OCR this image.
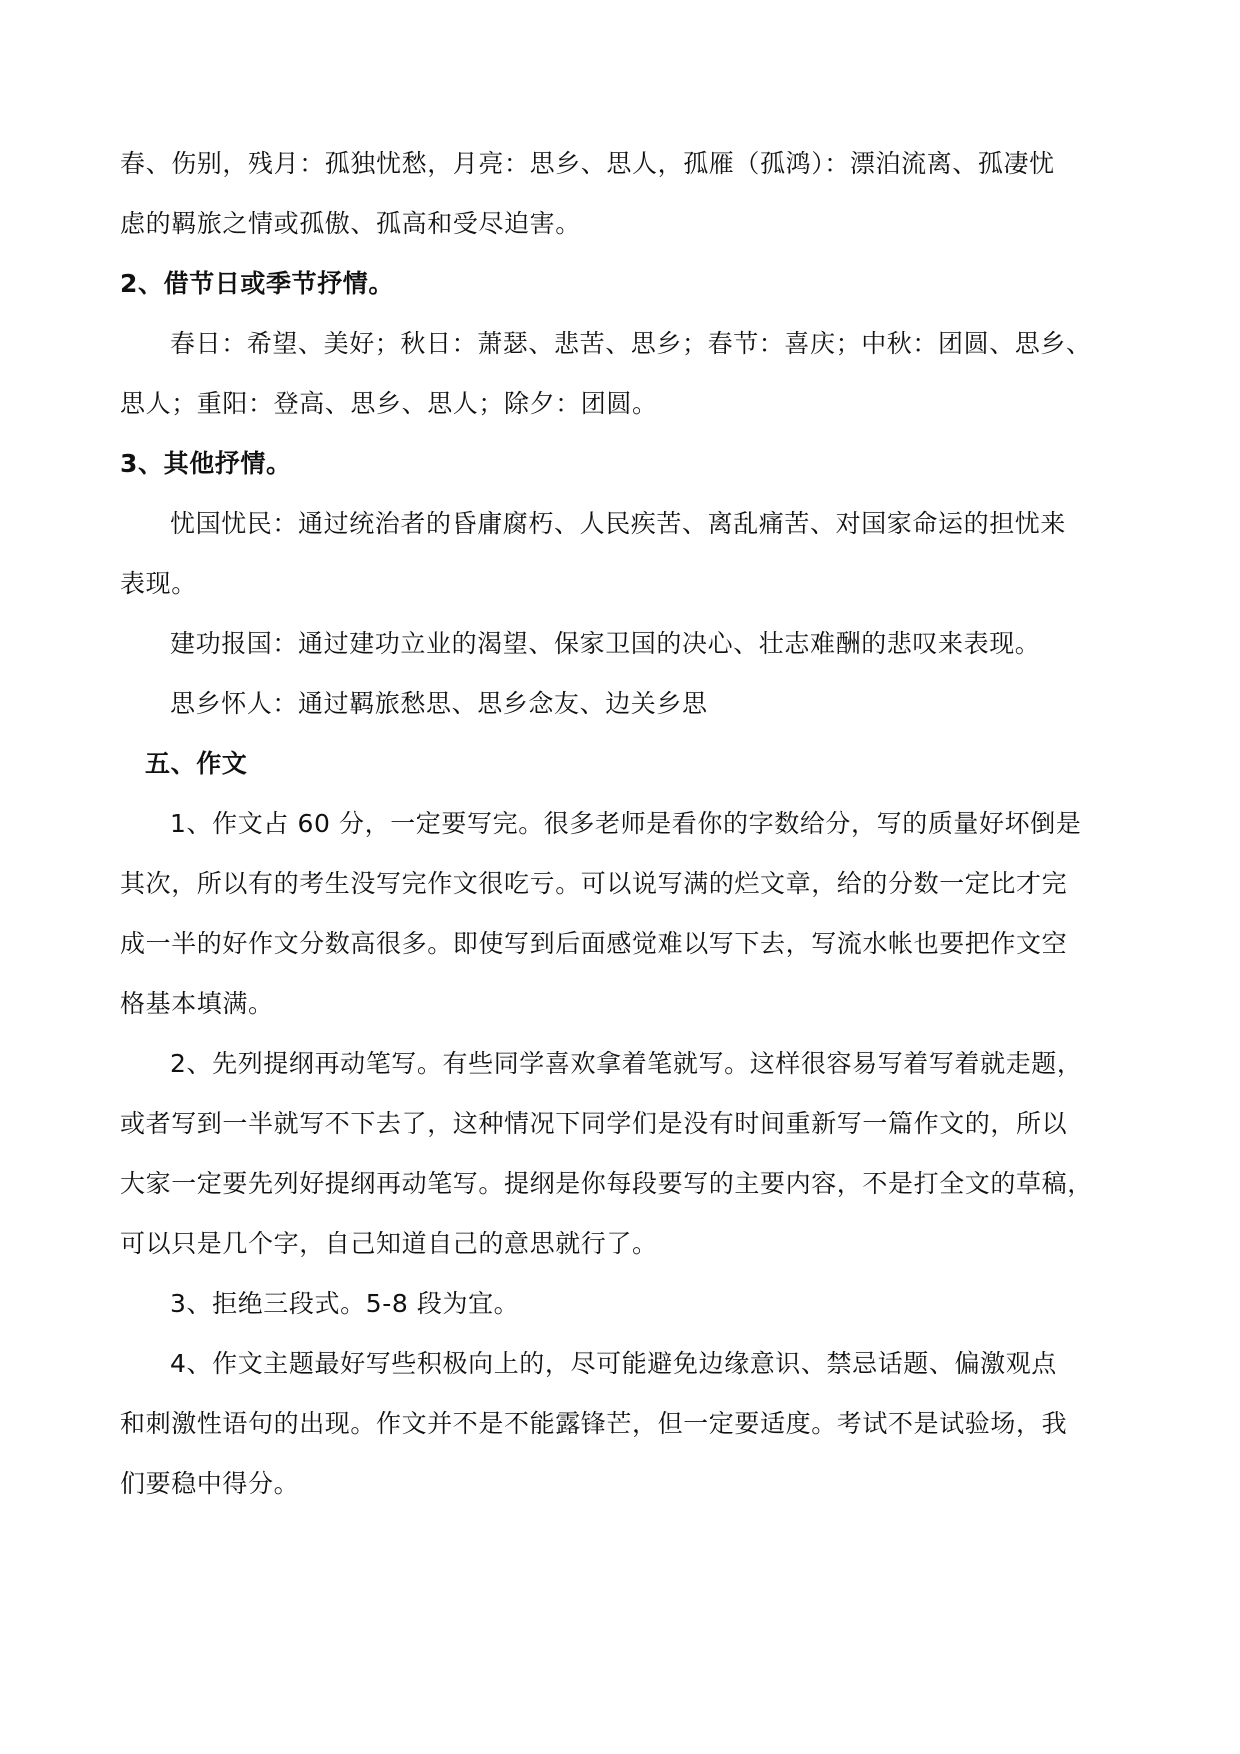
春、伤别，残月：孤独忧愁，月亮：思乡、思人，孤雁（孤鸿）：漂泊流离、孤凄忧
虑的羁旅之情或孤傲、孤高和受尽迫害。
2、借节日或季节抒情。
春日：希望、美好；秋日：萧瑟、悲苦、思乡；春节：喜庆；中秋：团圆、思乡、
思人；重阳：登高、思乡、思人；除夕：团圆。
3、其他抒情。
忧国忧民：通过统治者的昏庸腐朽、人民疾苦、离乱痛苦、对国家命运的担忧来
表现。
建功报国：通过建功立业的渴望、保家卫国的决心、壮志难酬的悲叹来表现。
思乡怀人：通过羁旅愁思、思乡念友、边关乡思
五、作文
1、作文占 60 分，一定要写完。很多老师是看你的字数给分，写的质量好坏倒是
其次，所以有的考生没写完作文很吃亏。可以说写满的烂文章，给的分数一定比才完
成一半的好作文分数高很多。即使写到后面感觉难以写下去，写流水帐也要把作文空
格基本填满。
2、先列提纲再动笔写。有些同学喜欢拿着笔就写。这样很容易写着写着就走题，
或者写到一半就写不下去了，这种情况下同学们是没有时间重新写一篇作文的，所以
大家一定要先列好提纲再动笔写。提纲是你每段要写的主要内容，不是打全文的草稿，
可以只是几个字，自己知道自己的意思就行了。
3、拒绝三段式。5-8 段为宜。
4、作文主题最好写些积极向上的，尽可能避免边缘意识、禁忌话题、偏激观点
和刺激性语句的出现。作文并不是不能露锋芒，但一定要适度。考试不是试验场，我
们要稳中得分。
